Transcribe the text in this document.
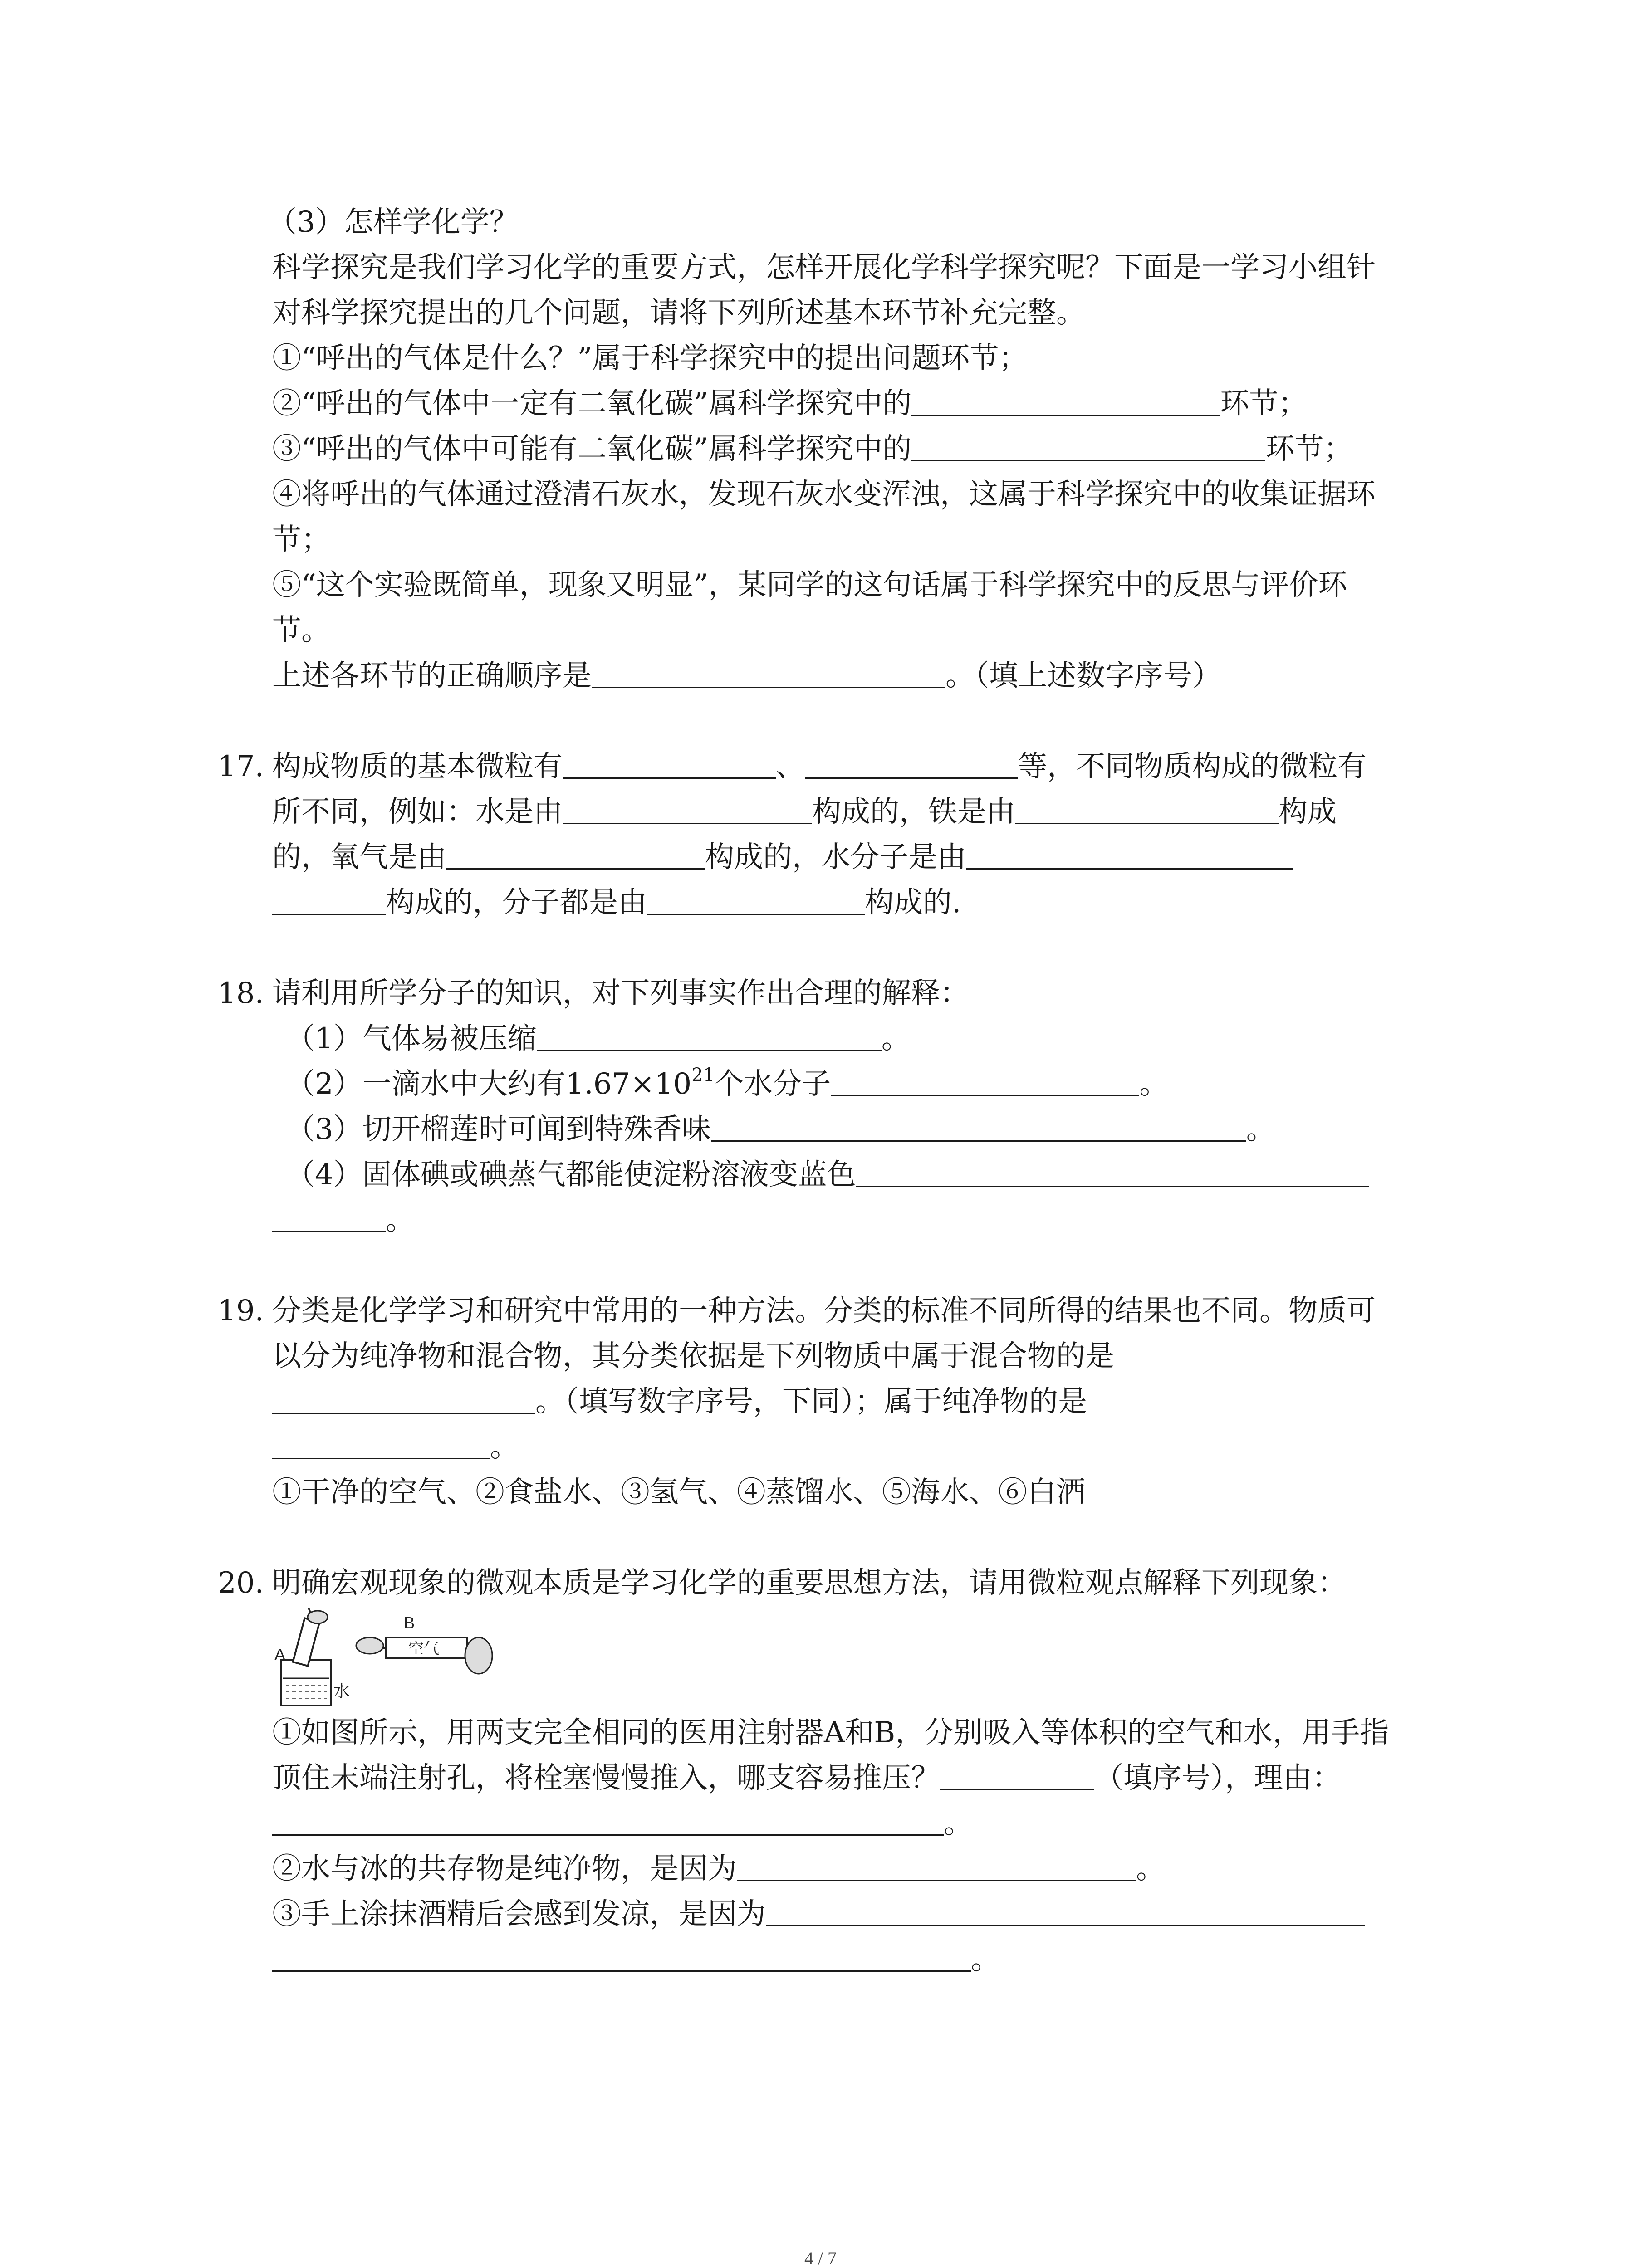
（3）怎样学化学？
科学探究是我们学习化学的重要方式，怎样开展化学科学探究呢？下面是一学习小组针
对科学探究提出的几个问题，请将下列所述基本环节补充完整。
①“呼出的气体是什么？”属于科学探究中的提出问题环节；
②“呼出的气体中一定有二氧化碳”属科学探究中的	环节；
③“呼出的气体中可能有二氧化碳”属科学探究中的	环节；
④将呼出的气体通过澄清石灰水，发现石灰水变浑浊，这属于科学探究中的收集证据环
节；
⑤“这个实验既简单，现象又明显”，某同学的这句话属于科学探究中的反思与评价环
节。
上述各环节的正确顺序是	。（填上述数字序号）
17. 构成物质的基本微粒有	、	等，不同物质构成的微粒有
所不同，例如：水是由	构成的，铁是由	构成
的，氧气是由	构成的，水分子是由
构成的，分子都是由	构成的.
18. 请利用所学分子的知识，对下列事实作出合理的解释：
（1）气体易被压缩	。
（2）一滴水中大约有$1.67\times 10^{21}$个水分子	。
（3）切开榴莲时可闻到特殊香味	。
（4）固体碘或碘蒸气都能使淀粉溶液变蓝色
。
19. 分类是化学学习和研究中常用的一种方法。分类的标准不同所得的结果也不同。物质可
以分为纯净物和混合物，其分类依据是下列物质中属于混合物的是
。（填写数字序号，下同）；属于纯净物的是
。
①干净的空气、②食盐水、③氢气、④蒸馏水、⑤海水、⑥白酒
20. 明确宏观现象的微观本质是学习化学的重要思想方法，请用微粒观点解释下列现象：
A
水
B
空气
①如图所示，用两支完全相同的医用注射器A和B，分别吸入等体积的空气和水，用手指
顶住末端注射孔，将栓塞慢慢推入，哪支容易推压？	（填序号），理由：
。
②水与冰的共存物是纯净物，是因为	。
③手上涂抹酒精后会感到发凉，是因为
。
4 / 7
